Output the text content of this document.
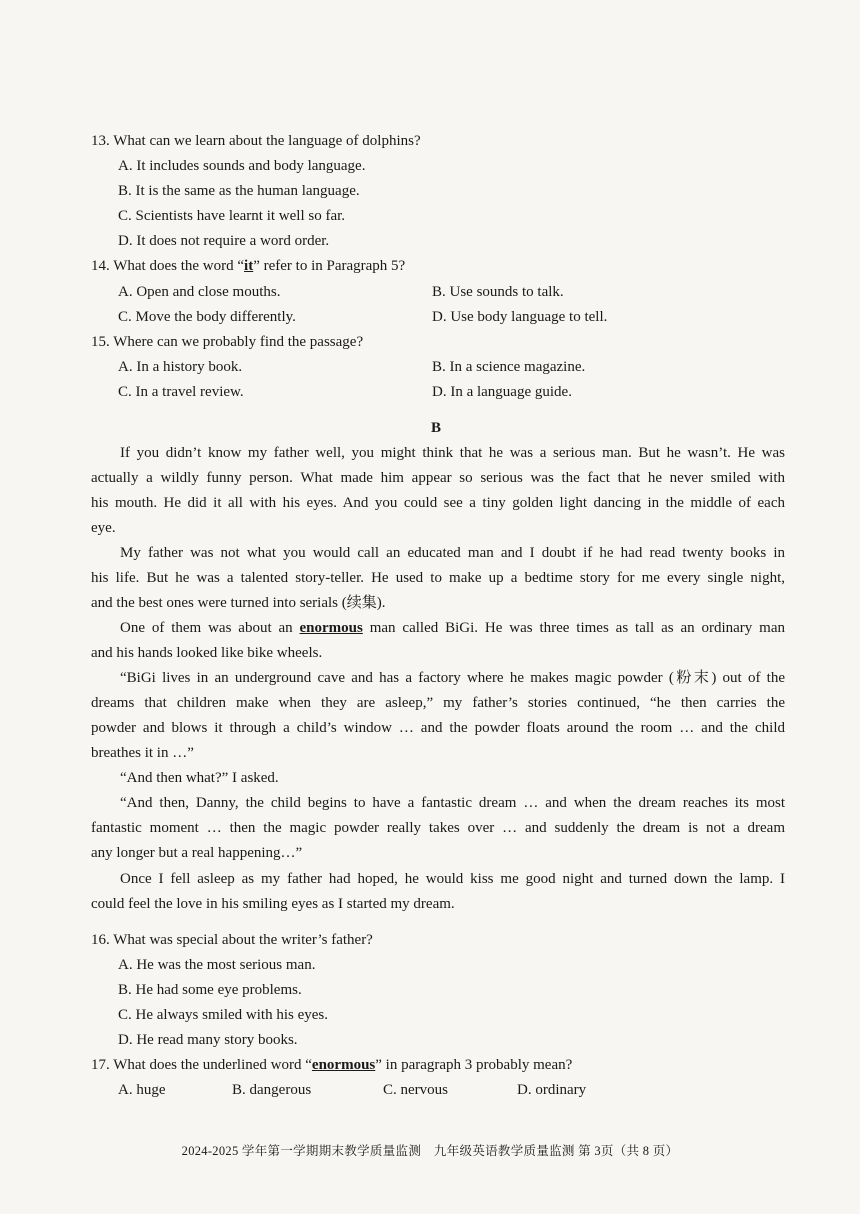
13. What can we learn about the language of dolphins?
A. It includes sounds and body language.
B. It is the same as the human language.
C. Scientists have learnt it well so far.
D. It does not require a word order.
14. What does the word “it” refer to in Paragraph 5?
A. Open and close mouths.	B. Use sounds to talk.
C. Move the body differently.	D. Use body language to tell.
15. Where can we probably find the passage?
A. In a history book.	B. In a science magazine.
C. In a travel review.	D. In a language guide.
B
If you didn’t know my father well, you might think that he was a serious man. But he wasn’t. He was
actually a wildly funny person. What made him appear so serious was the fact that he never smiled with
his mouth. He did it all with his eyes. And you could see a tiny golden light dancing in the middle of each
eye.
My father was not what you would call an educated man and I doubt if he had read twenty books in
his life. But he was a talented story-teller. He used to make up a bedtime story for me every single night,
and the best ones were turned into serials (续集).
One of them was about an enormous man called BiGi. He was three times as tall as an ordinary man
and his hands looked like bike wheels.
“BiGi lives in an underground cave and has a factory where he makes magic powder (粉末) out of the
dreams that children make when they are asleep,” my father’s stories continued, “he then carries the
powder and blows it through a child’s window … and the powder floats around the room … and the child
breathes it in …”
“And then what?” I asked.
“And then, Danny, the child begins to have a fantastic dream … and when the dream reaches its most
fantastic moment … then the magic powder really takes over … and suddenly the dream is not a dream
any longer but a real happening…”
Once I fell asleep as my father had hoped, he would kiss me good night and turned down the lamp. I
could feel the love in his smiling eyes as I started my dream.
16. What was special about the writer’s father?
A. He was the most serious man.
B. He had some eye problems.
C. He always smiled with his eyes.
D. He read many story books.
17. What does the underlined word “enormous” in paragraph 3 probably mean?
A. huge	B. dangerous	C. nervous	D. ordinary
2024-2025 学年第一学期期末教学质量监测　九年级英语教学质量监测 第 3页（共 8 页）
